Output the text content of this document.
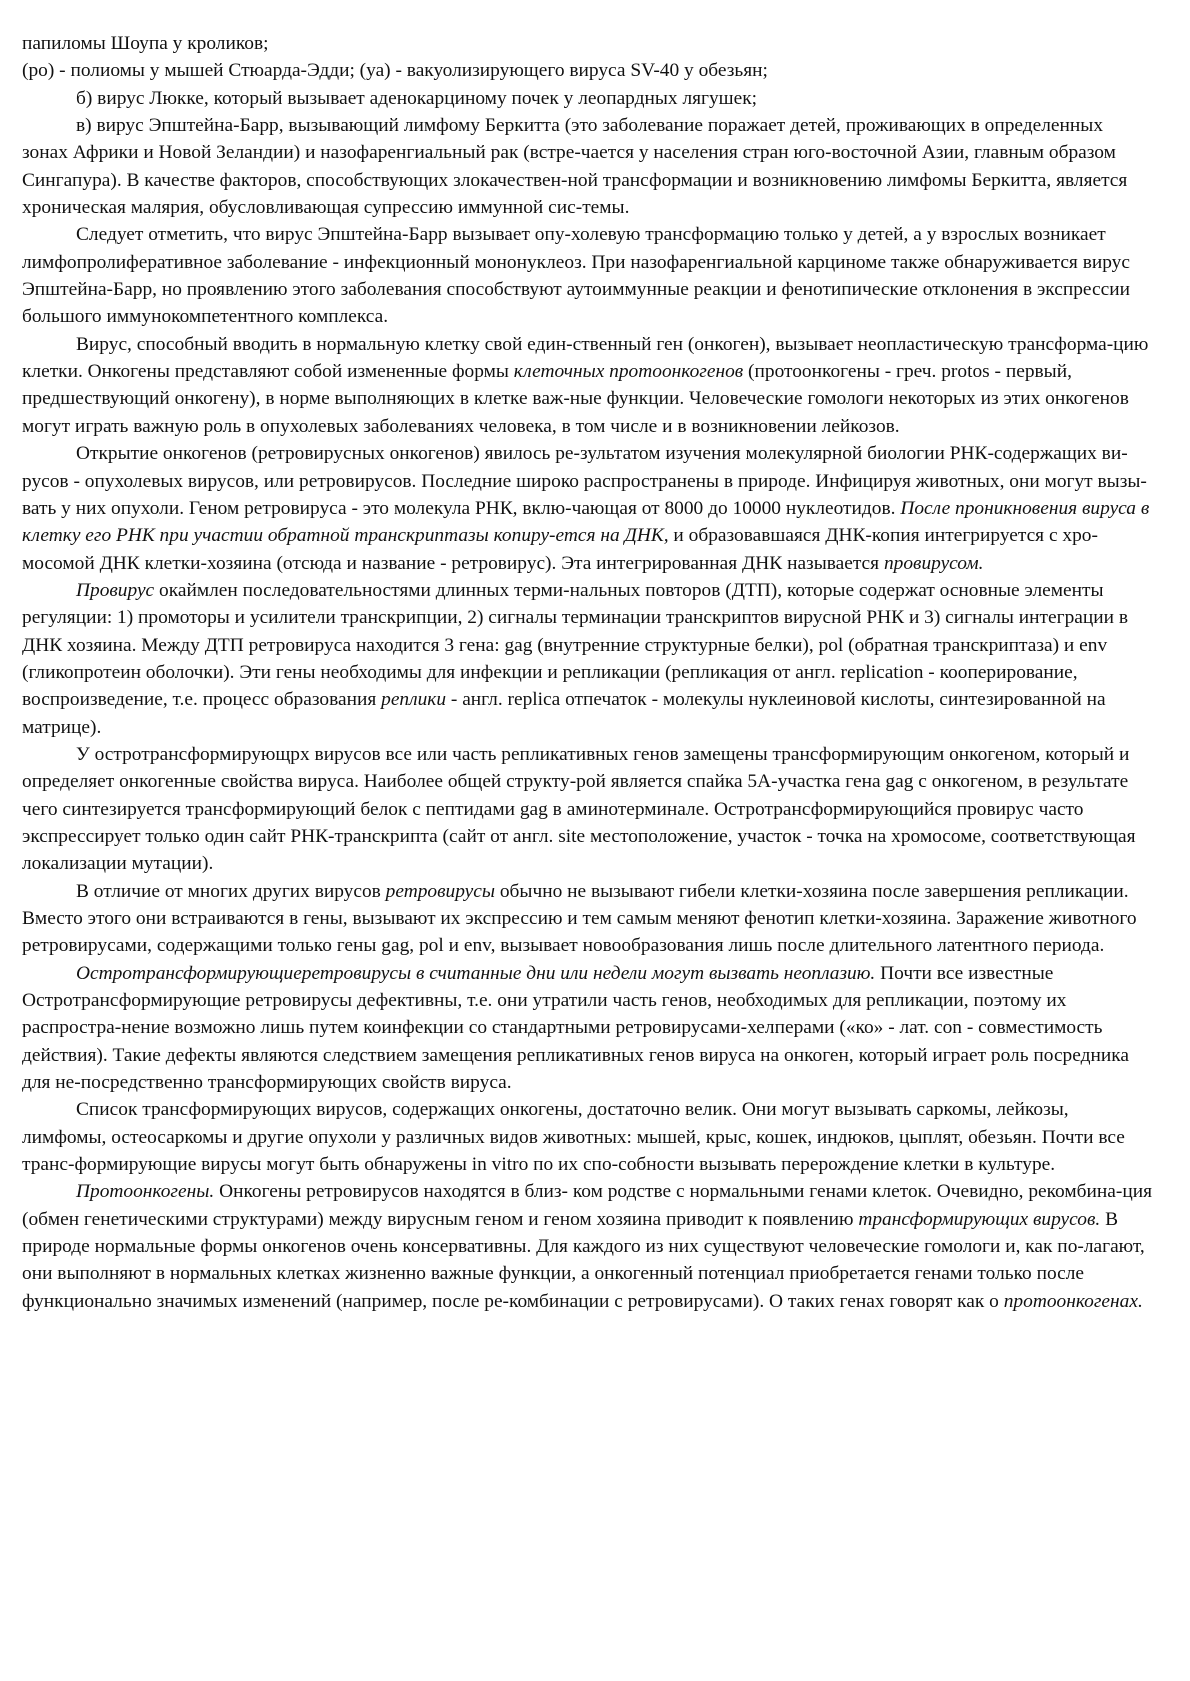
папиломы Шоупа у кроликов;

(ро) - полиомы у мышей Стюарда-Эдди; (уа) - вакуолизирующего вируса SV-40 у обезьян;

б) вирус Люкке, который вызывает аденокарциному почек у леопардных лягушек;

в) вирус Эпштейна-Барр, вызывающий лимфому Беркитта (это заболевание поражает детей, проживающих в определенных зонах Африки и Новой Зеландии) и назофаренгиальный рак (встре-чается у населения стран юго-восточной Азии, главным образом Сингапура). В качестве факторов, способствующих злокачествен-ной трансформации и возникновению лимфомы Беркитта, является хроническая малярия, обусловливающая супрессию иммунной сис-темы.

Следует отметить, что вирус Эпштейна-Барр вызывает опу-холевую трансформацию только у детей, а у взрослых возникает лимфопролиферативное заболевание - инфекционный мононуклеоз. При назофаренгиальной карциноме также обнаруживается вирус Эпштейна-Барр, но проявлению этого заболевания способствуют аутоиммунные реакции и фенотипические отклонения в экспрессии большого иммунокомпетентного комплекса.

Вирус, способный вводить в нормальную клетку свой един-ственный ген (онкоген), вызывает неопластическую трансформа-цию клетки. Онкогены представляют собой измененные формы клеточных протоонкогенов (протоонкогены - греч. protos - первый, предшествующий онкогену), в норме выполняющих в клетке важ-ные функции. Человеческие гомологи некоторых из этих онкогенов могут играть важную роль в опухолевых заболеваниях человека, в том числе и в возникновении лейкозов.

Открытие онкогенов (ретровирусных онкогенов) явилось ре-зультатом изучения молекулярной биологии РНК-содержащих ви-русов - опухолевых вирусов, или ретровирусов. Последние широко распространены в природе. Инфицируя животных, они могут вызы-вать у них опухоли. Геном ретровируса - это молекула РНК, вклю-чающая от 8000 до 10000 нуклеотидов. После проникновения вируса в клетку его РНК при участии обратной транскриптазы копиру-ется на ДНК, и образовавшаяся ДНК-копия интегрируется с хро-мосомой ДНК клетки-хозяина (отсюда и название - ретровирус). Эта интегрированная ДНК называется провирусом.

Провирус окаймлен последовательностями длинных терми-нальных повторов (ДТП), которые содержат основные элементы регуляции: 1) промоторы и усилители транскрипции, 2) сигналы терминации транскриптов вирусной РНК и 3) сигналы интеграции в ДНК хозяина. Между ДТП ретровируса находится 3 гена: gag (внутренние структурные белки), pol (обратная транскриптаза) и env (гликопротеин оболочки). Эти гены необходимы для инфекции и репликации (репликация от англ. replication - кооперирование, воспроизведение, т.е. процесс образования реплики - англ. replica отпечаток - молекулы нуклеиновой кислоты, синтезированной на матрице).

У остротрансформирующрх вирусов все или часть репликативных генов замещены трансформирующим онкогеном, который и определяет онкогенные свойства вируса. Наиболее общей структу-рой является спайка 5А-участка гена gag с онкогеном, в результате чего синтезируется трансформирующий белок с пептидами gag в аминотерминале. Остротрансформирующийся провирус часто экспрессирует только один сайт РНК-транскрипта (сайт от англ. site местоположение, участок - точка на хромосоме, соответствующая локализации мутации).

В отличие от многих других вирусов ретровирусы обычно не вызывают гибели клетки-хозяина после завершения репликации. Вместо этого они встраиваются в гены, вызывают их экспрессию и тем самым меняют фенотип клетки-хозяина. Заражение животного ретровирусами, содержащими только гены gag, pol и env, вызывает новообразования лишь после длительного латентного периода.

Остротрансформирующиеретровирусы в считанные дни или недели могут вызвать неоплазию. Почти все известные Остротрансформирующие ретровирусы дефективны, т.е. они утратили часть генов, необходимых для репликации, поэтому их распростра-нение возможно лишь путем коинфекции со стандартными ретровирусами-хелперами («ко» - лат. con - совместимость действия). Такие дефекты являются следствием замещения репликативных генов вируса на онкоген, который играет роль посредника для не-посредственно трансформирующих свойств вируса.

Список трансформирующих вирусов, содержащих онкогены, достаточно велик. Они могут вызывать саркомы, лейкозы, лимфомы, остеосаркомы и другие опухоли у различных видов животных: мышей, крыс, кошек, индюков, цыплят, обезьян. Почти все транс-формирующие вирусы могут быть обнаружены in vitro по их спо-собности вызывать перерождение клетки в культуре.

Протоонкогены. Онкогены ретровирусов находятся в близ- ком родстве с нормальными генами клеток. Очевидно, рекомбина-ция (обмен генетическими структурами) между вирусным геном и геном хозяина приводит к появлению трансформирующих вирусов. В природе нормальные формы онкогенов очень консервативны. Для каждого из них существуют человеческие гомологи и, как по-лагают, они выполняют в нормальных клетках жизненно важные функции, а онкогенный потенциал приобретается генами только после функционально значимых изменений (например, после ре-комбинации с ретровирусами). О таких генах говорят как о протоонкогенах.
